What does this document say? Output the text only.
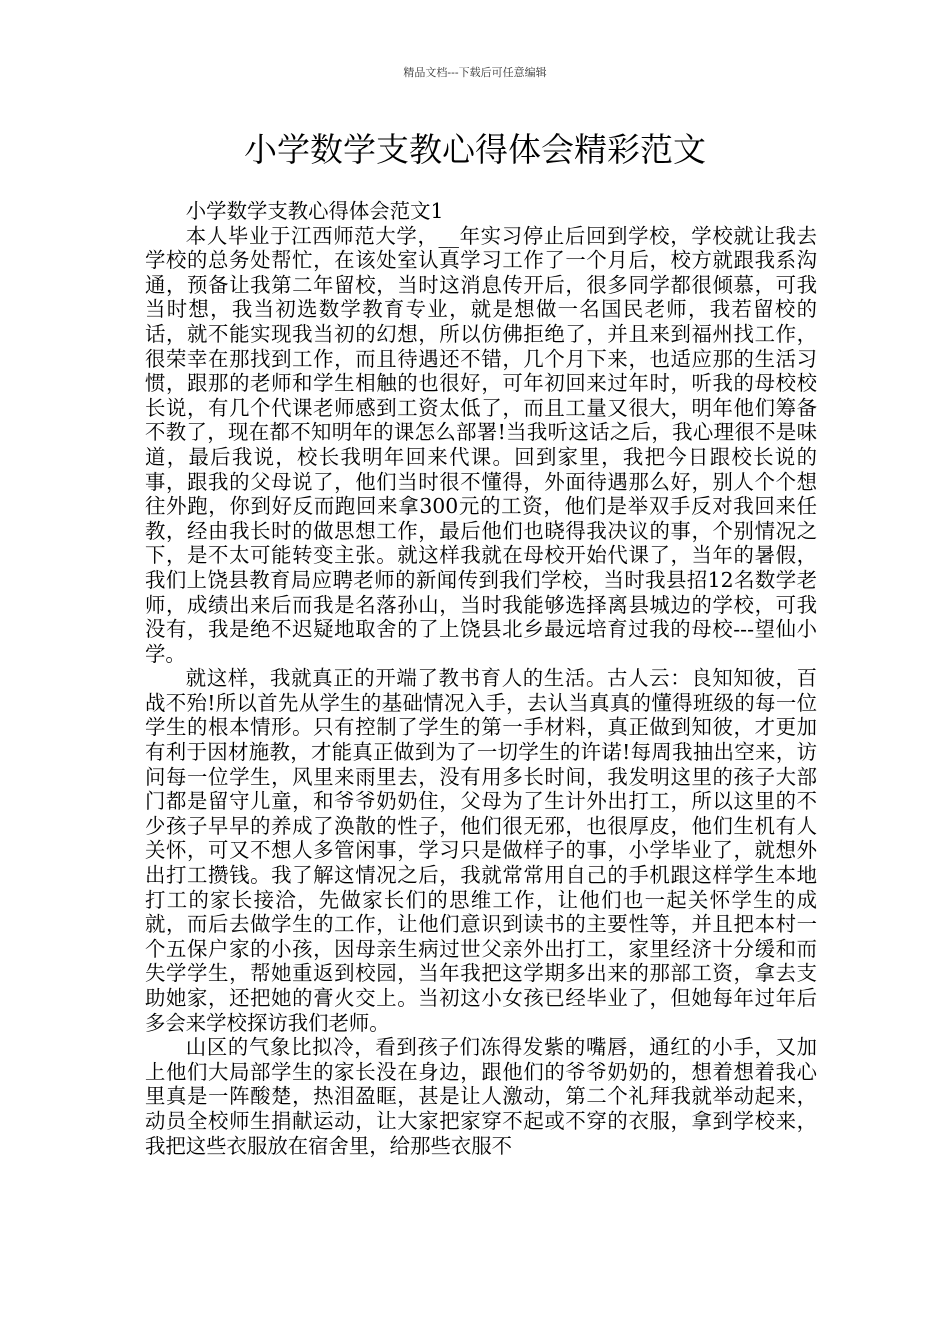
精品文档---下载后可任意编辑
小学数学支教心得体会精彩范文

小学数学支教心得体会范文1

本人毕业于江西师范大学，__年实习停止后回到学校，学校就让我去学校的总务处帮忙，在该处室认真学习工作了一个月后，校方就跟我系沟通，预备让我第二年留校，当时这消息传开后，很多同学都很倾慕，可我当时想，我当初选数学教育专业，就是想做一名国民老师，我若留校的话，就不能实现我当初的幻想，所以仿佛拒绝了，并且来到福州找工作，很荣幸在那找到工作，而且待遇还不错，几个月下来，也适应那的生活习惯，跟那的老师和学生相触的也很好，可年初回来过年时，听我的母校校长说，有几个代课老师感到工资太低了，而且工量又很大，明年他们筹备不教了，现在都不知明年的课怎么部署!当我听这话之后，我心理很不是味道，最后我说，校长我明年回来代课。回到家里，我把今日跟校长说的事，跟我的父母说了，他们当时很不懂得，外面待遇那么好，别人个个想往外跑，你到好反而跑回来拿300元的工资，他们是举双手反对我回来任教，经由我长时的做思想工作，最后他们也晓得我决议的事，个别情况之下，是不太可能转变主张。就这样我就在母校开始代课了，当年的暑假，我们上饶县教育局应聘老师的新闻传到我们学校，当时我县招12名数学老师，成绩出来后而我是名落孙山，当时我能够选择离县城边的学校，可我没有，我是绝不迟疑地取舍的了上饶县北乡最远培育过我的母校---望仙小学。

就这样，我就真正的开端了教书育人的生活。古人云：良知知彼，百战不殆!所以首先从学生的基础情况入手，去认当真真的懂得班级的每一位学生的根本情形。只有控制了学生的第一手材料，真正做到知彼，才更加有利于因材施教，才能真正做到为了一切学生的许诺!每周我抽出空来，访问每一位学生，风里来雨里去，没有用多长时间，我发明这里的孩子大部门都是留守儿童，和爷爷奶奶住，父母为了生计外出打工，所以这里的不少孩子早早的养成了涣散的性子，他们很无邪，也很厚皮，他们生机有人关怀，可又不想人多管闲事，学习只是做样子的事，小学毕业了，就想外出打工攒钱。我了解这情况之后，我就常常用自己的手机跟这样学生本地打工的家长接洽，先做家长们的思维工作，让他们也一起关怀学生的成就，而后去做学生的工作，让他们意识到读书的主要性等，并且把本村一个五保户家的小孩，因母亲生病过世父亲外出打工，家里经济十分缓和而失学学生，帮她重返到校园，当年我把这学期多出来的那部工资，拿去支助她家，还把她的膏火交上。当初这小女孩已经毕业了，但她每年过年后多会来学校探访我们老师。

山区的气象比拟冷，看到孩子们冻得发紫的嘴唇，通红的小手，又加上他们大局部学生的家长没在身边，跟他们的爷爷奶奶的，想着想着我心里真是一阵酸楚，热泪盈眶，甚是让人激动，第二个礼拜我就举动起来，动员全校师生捐献运动，让大家把家穿不起或不穿的衣服，拿到学校来，我把这些衣服放在宿舍里，给那些衣服不
